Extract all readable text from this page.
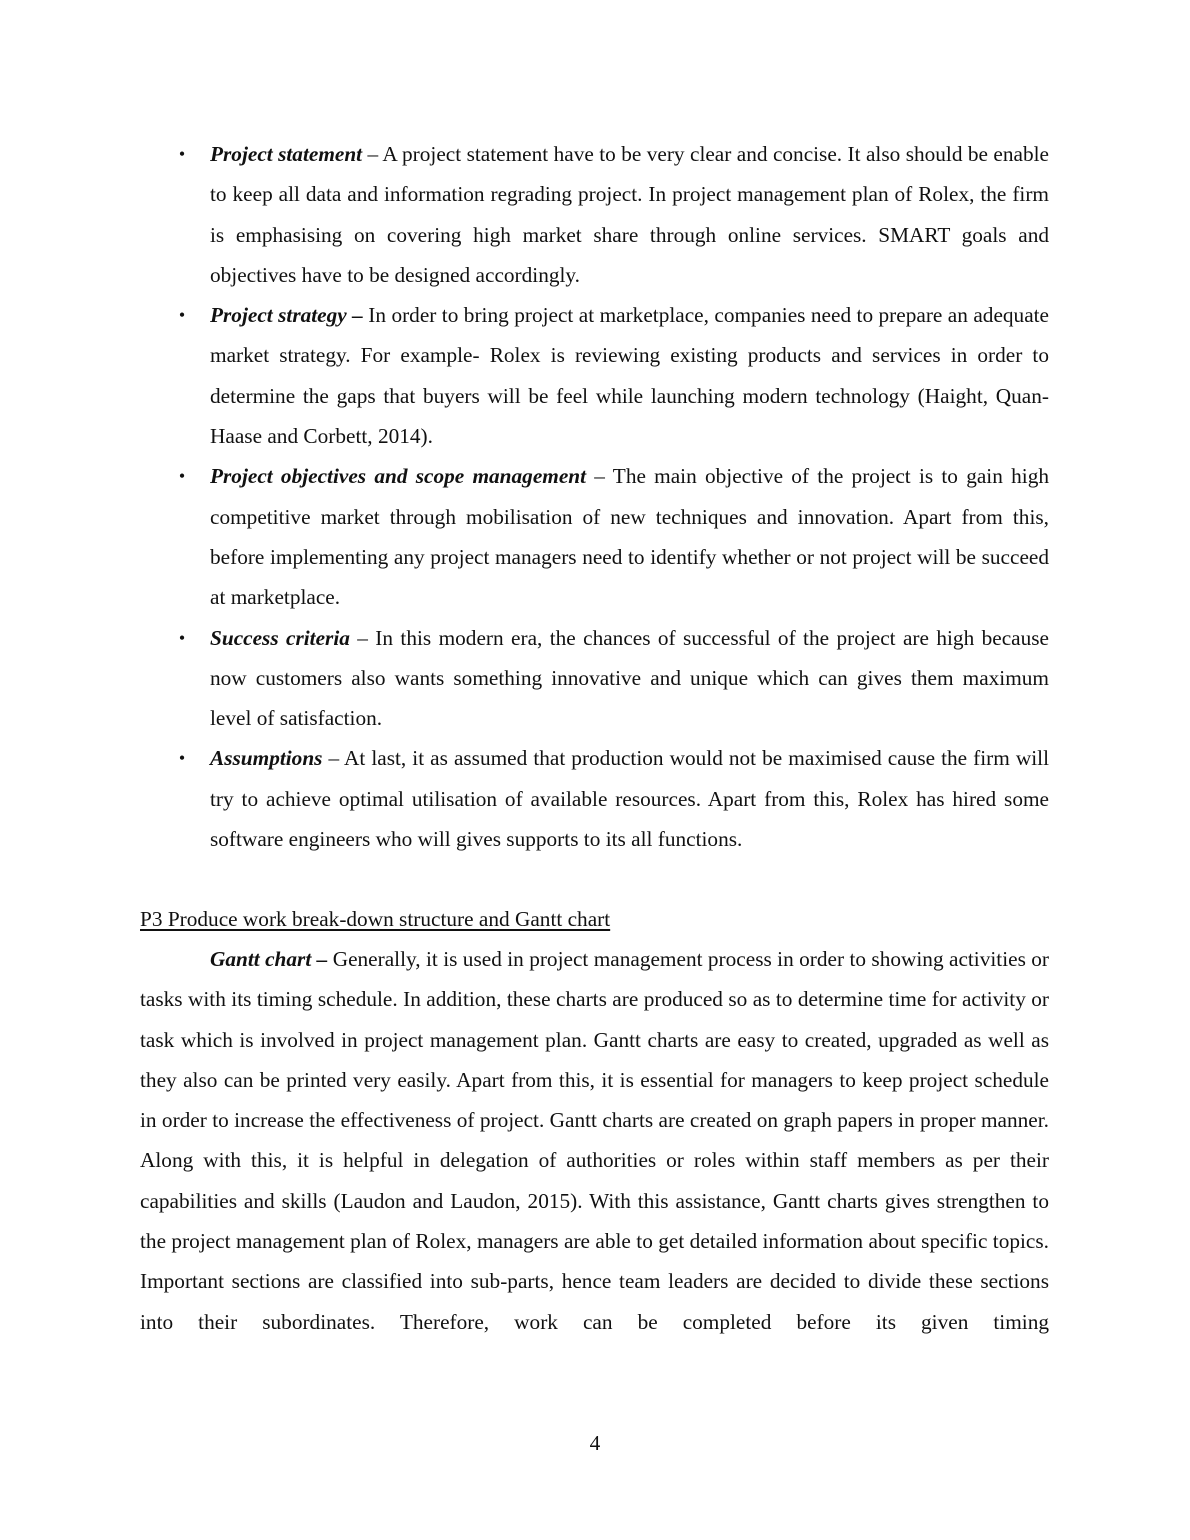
• Project statement – A project statement have to be very clear and concise. It also should be enable to keep all data and information regrading project. In project management plan of Rolex, the firm is emphasising on covering high market share through online services. SMART goals and objectives have to be designed accordingly.
• Project strategy – In order to bring project at marketplace, companies need to prepare an adequate market strategy. For example- Rolex is reviewing existing products and services in order to determine the gaps that buyers will be feel while launching modern technology (Haight, Quan-Haase and Corbett, 2014).
• Project objectives and scope management – The main objective of the project is to gain high competitive market through mobilisation of new techniques and innovation. Apart from this, before implementing any project managers need to identify whether or not project will be succeed at marketplace.
• Success criteria – In this modern era, the chances of successful of the project are high because now customers also wants something innovative and unique which can gives them maximum level of satisfaction.
• Assumptions – At last, it as assumed that production would not be maximised cause the firm will try to achieve optimal utilisation of available resources. Apart from this, Rolex has hired some software engineers who will gives supports to its all functions.
P3 Produce work break-down structure and Gantt chart

Gantt chart – Generally, it is used in project management process in order to showing activities or tasks with its timing schedule. In addition, these charts are produced so as to determine time for activity or task which is involved in project management plan. Gantt charts are easy to created, upgraded as well as they also can be printed very easily. Apart from this, it is essential for managers to keep project schedule in order to increase the effectiveness of project. Gantt charts are created on graph papers in proper manner. Along with this, it is helpful in delegation of authorities or roles within staff members as per their capabilities and skills (Laudon and Laudon, 2015). With this assistance, Gantt charts gives strengthen to the project management plan of Rolex, managers are able to get detailed information about specific topics. Important sections are classified into sub-parts, hence team leaders are decided to divide these sections into their subordinates. Therefore, work can be completed before its given timing

4
